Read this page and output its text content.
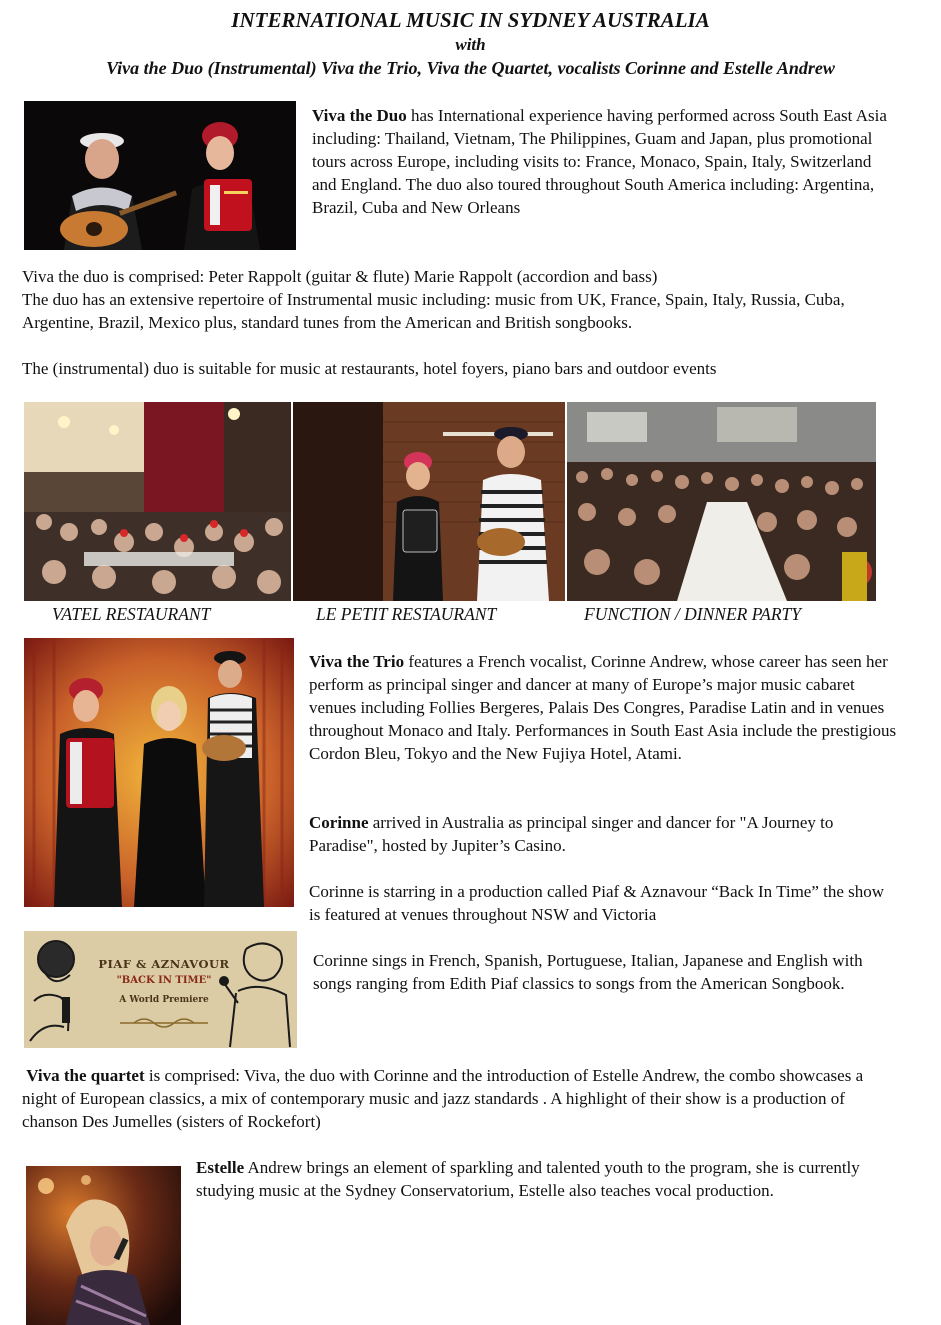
INTERNATIONAL MUSIC IN SYDNEY AUSTRALIA
with
Viva the Duo (Instrumental) Viva the Trio, Viva the Quartet, vocalists Corinne and Estelle Andrew
Viva the Duo has International experience having performed across South East Asia including: Thailand, Vietnam, The Philippines, Guam and Japan, plus promotional tours across Europe, including visits to: France, Monaco, Spain, Italy, Switzerland and England. The duo also toured throughout South America including: Argentina, Brazil, Cuba and New Orleans
Viva the duo is comprised: Peter Rappolt (guitar & flute) Marie Rappolt (accordion and bass)
The duo has an extensive repertoire of Instrumental music including: music from UK, France, Spain, Italy, Russia, Cuba, Argentine, Brazil, Mexico plus, standard tunes from the American and British songbooks.
The (instrumental) duo is suitable for music at restaurants, hotel foyers, piano bars and outdoor events
VATEL RESTAURANT	LE PETIT RESTAURANT	FUNCTION / DINNER PARTY
Viva the Trio features a French vocalist, Corinne Andrew, whose career has seen her perform as principal singer and dancer at many of Europe’s major music cabaret venues including Follies Bergeres, Palais Des Congres, Paradise Latin and in venues throughout Monaco and Italy. Performances in South East Asia include the prestigious Cordon Bleu, Tokyo and the New Fujiya Hotel, Atami.
Corinne arrived in Australia as principal singer and dancer for "A Journey to Paradise", hosted by Jupiter’s Casino.
Corinne is starring in a production called Piaf & Aznavour “Back In Time” the show is featured at venues throughout NSW and Victoria
PIAF & AZNAVOUR
"BACK IN TIME"
A World Premiere
Corinne sings in French, Spanish, Portuguese, Italian, Japanese and English with songs ranging from Edith Piaf classics to songs from the American Songbook.
Viva the quartet is comprised: Viva, the duo with Corinne and the introduction of Estelle Andrew, the combo showcases a night of European classics, a mix of contemporary music and jazz standards . A highlight of their show is a production of chanson Des Jumelles (sisters of Rockefort)
Estelle Andrew brings an element of sparkling and talented youth to the program, she is currently studying music at the Sydney Conservatorium, Estelle also teaches vocal production.
